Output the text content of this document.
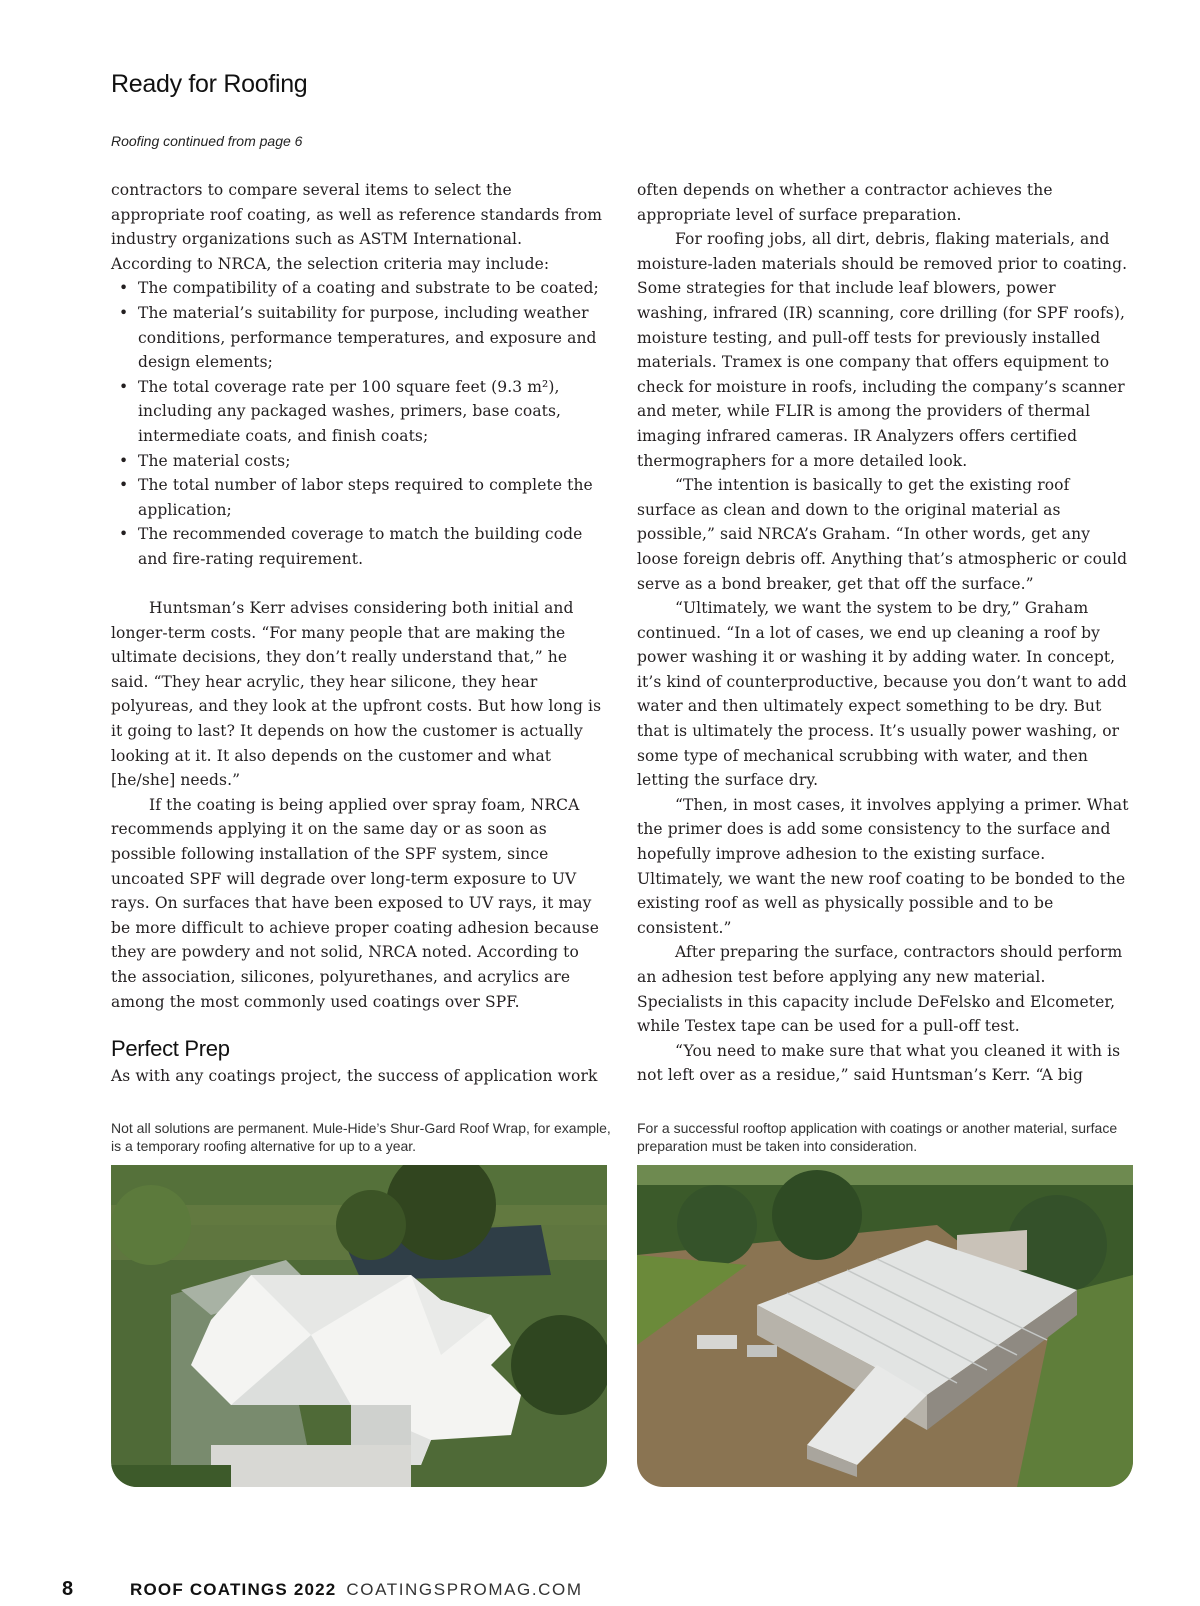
Ready for Roofing
Roofing continued from page 6

contractors to compare several items to select the appropriate roof coating, as well as reference standards from industry organizations such as ASTM International. According to NRCA, the selection criteria may include:

• The compatibility of a coating and substrate to be coated;
• The material’s suitability for purpose, including weather conditions, performance temperatures, and exposure and design elements;
• The total coverage rate per 100 square feet (9.3 m²), including any packaged washes, primers, base coats, intermediate coats, and finish coats;
• The material costs;
• The total number of labor steps required to complete the application;
• The recommended coverage to match the building code and fire-rating requirement.

Huntsman’s Kerr advises considering both initial and longer-term costs. “For many people that are making the ultimate decisions, they don’t really understand that,” he said. “They hear acrylic, they hear silicone, they hear polyureas, and they look at the upfront costs. But how long is it going to last? It depends on how the customer is actually looking at it. It also depends on the customer and what [he/she] needs.”

If the coating is being applied over spray foam, NRCA recommends applying it on the same day or as soon as possible following installation of the SPF system, since uncoated SPF will degrade over long-term exposure to UV rays. On surfaces that have been exposed to UV rays, it may be more difficult to achieve proper coating adhesion because they are powdery and not solid, NRCA noted. According to the association, silicones, polyurethanes, and acrylics are among the most commonly used coatings over SPF.

Perfect Prep

As with any coatings project, the success of application work

often depends on whether a contractor achieves the appropriate level of surface preparation.

For roofing jobs, all dirt, debris, flaking materials, and moisture-laden materials should be removed prior to coating. Some strategies for that include leaf blowers, power washing, infrared (IR) scanning, core drilling (for SPF roofs), moisture testing, and pull-off tests for previously installed materials. Tramex is one company that offers equipment to check for moisture in roofs, including the company’s scanner and meter, while FLIR is among the providers of thermal imaging infrared cameras. IR Analyzers offers certified thermographers for a more detailed look.

“The intention is basically to get the existing roof surface as clean and down to the original material as possible,” said NRCA’s Graham. “In other words, get any loose foreign debris off. Anything that’s atmospheric or could serve as a bond breaker, get that off the surface.”

“Ultimately, we want the system to be dry,” Graham continued. “In a lot of cases, we end up cleaning a roof by power washing it or washing it by adding water. In concept, it’s kind of counterproductive, because you don’t want to add water and then ultimately expect something to be dry. But that is ultimately the process. It’s usually power washing, or some type of mechanical scrubbing with water, and then letting the surface dry.

“Then, in most cases, it involves applying a primer. What the primer does is add some consistency to the surface and hopefully improve adhesion to the existing surface. Ultimately, we want the new roof coating to be bonded to the existing roof as well as physically possible and to be consistent.”

After preparing the surface, contractors should perform an adhesion test before applying any new material. Specialists in this capacity include DeFelsko and Elcometer, while Testex tape can be used for a pull-off test.

“You need to make sure that what you cleaned it with is not left over as a residue,” said Huntsman’s Kerr. “A big

Not all solutions are permanent. Mule-Hide’s Shur-Gard Roof Wrap, for example, is a temporary roofing alternative for up to a year.
For a successful rooftop application with coatings or another material, surface preparation must be taken into consideration.
8	ROOF COATINGS 2022 COATINGSPROMAG.COM
